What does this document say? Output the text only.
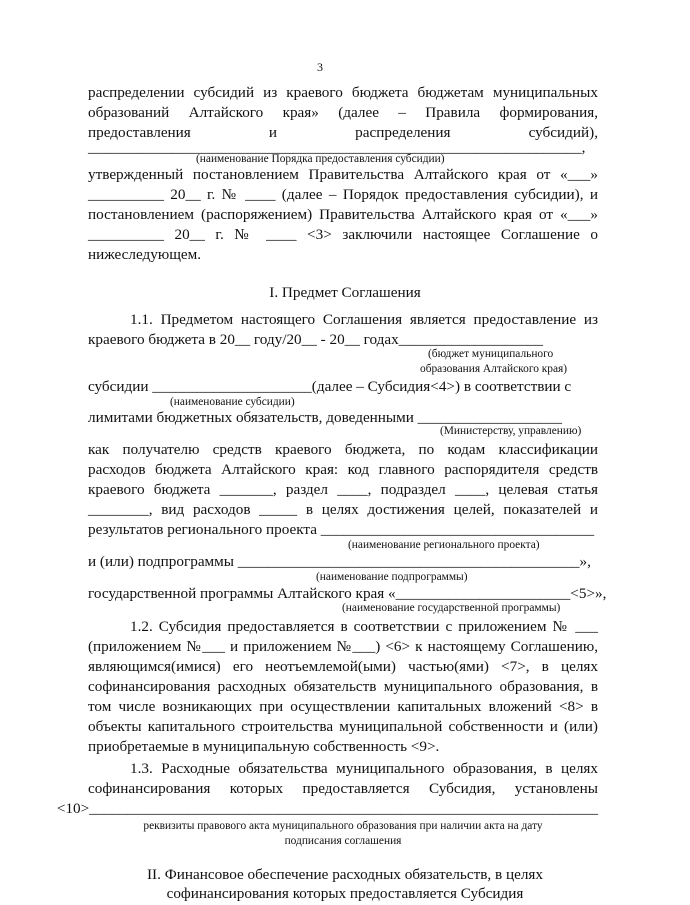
3
распределении субсидий из краевого бюджета бюджетам муниципальных
образований Алтайского края» (далее – Правила формирования,
предоставления и распределения субсидий),
_________________________________________________________________,
(наименование Порядка предоставления субсидии)
утвержденный постановлением Правительства Алтайского края от «___»
__________ 20__ г. № ____ (далее – Порядок предоставления субсидии), и
постановлением (распоряжением) Правительства Алтайского края от «___»
__________ 20__ г. № ____ <3> заключили настоящее Соглашение о
нижеследующем.
I. Предмет Соглашения
1.1. Предметом настоящего Соглашения является предоставление из
краевого бюджета в 20__ году/20__ - 20__ годах___________________
(бюджет муниципального
образования Алтайского края)
субсидии _____________________(далее – Субсидия<4>) в соответствии с
(наименование субсидии)
лимитами бюджетных обязательств, доведенными ___________________
(Министерству, управлению)
как получателю средств краевого бюджета, по кодам классификации
расходов бюджета Алтайского края: код главного распорядителя средств
краевого бюджета _______, раздел ____, подраздел ____, целевая статья
________, вид расходов _____ в целях достижения целей, показателей и
результатов регионального проекта ____________________________________
(наименование регионального проекта)
и (или) подпрограммы _____________________________________________»,
(наименование подпрограммы)
государственной программы Алтайского края «_______________________<5>»,
(наименование государственной программы)
1.2. Субсидия предоставляется в соответствии с приложением № ___
(приложением №___ и приложением №___) <6> к настоящему Соглашению,
являющимся(имися) его неотъемлемой(ыми) частью(ями) <7>, в целях
софинансирования расходных обязательств муниципального образования, в
том числе возникающих при осуществлении капитальных вложений <8> в
объекты капитального строительства муниципальной собственности и (или)
приобретаемые в муниципальную собственность <9>.
1.3. Расходные обязательства муниципального образования, в целях
софинансирования которых предоставляется Субсидия, установлены
___________________________________________________________________<10>
реквизиты правового акта муниципального образования при наличии акта на дату
подписания соглашения
II. Финансовое обеспечение расходных обязательств, в целях
софинансирования которых предоставляется Субсидия
